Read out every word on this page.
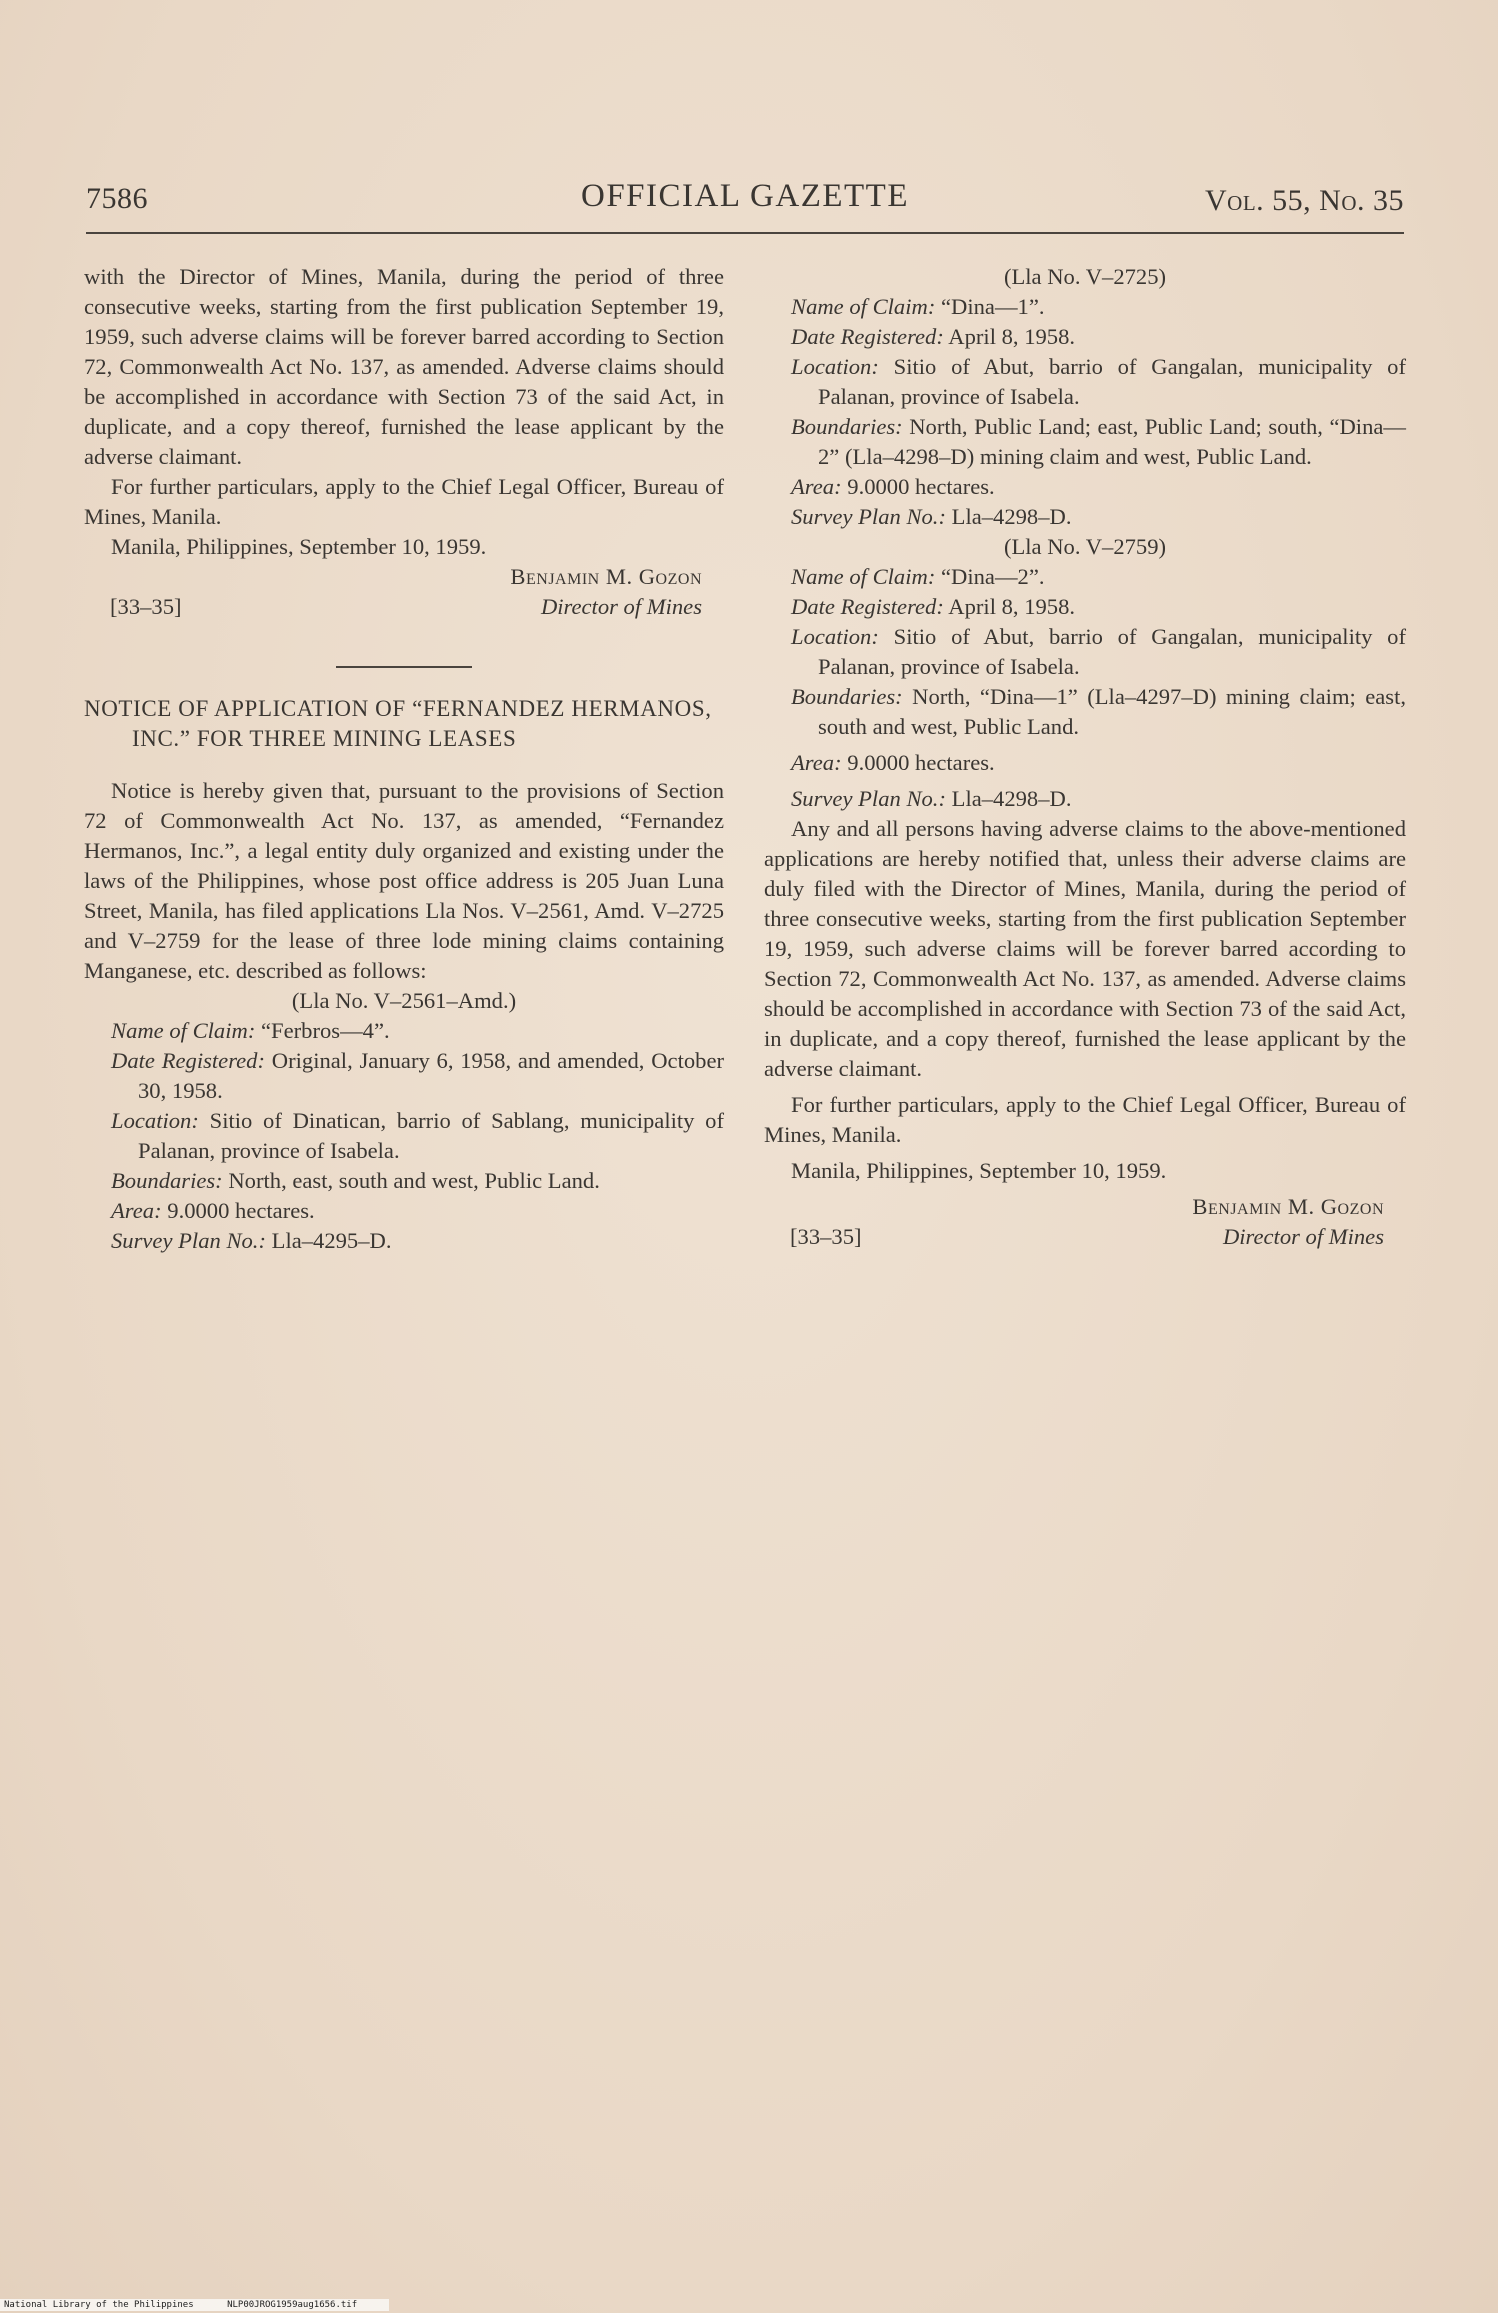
7586	OFFICIAL GAZETTE	Vol. 55, No. 35

with the Director of Mines, Manila, during the period of three consecutive weeks, starting from the first publication September 19, 1959, such adverse claims will be forever barred according to Section 72, Commonwealth Act No. 137, as amended. Adverse claims should be accomplished in accordance with Section 73 of the said Act, in duplicate, and a copy thereof, furnished the lease applicant by the adverse claimant.

For further particulars, apply to the Chief Legal Officer, Bureau of Mines, Manila.

Manila, Philippines, September 10, 1959.

Benjamin M. Gozon
[33–35]	Director of Mines

NOTICE OF APPLICATION OF “FERNANDEZ HERMANOS, INC.” FOR THREE MINING LEASES

Notice is hereby given that, pursuant to the provisions of Section 72 of Commonwealth Act No. 137, as amended, “Fernandez Hermanos, Inc.”, a legal entity duly organized and existing under the laws of the Philippines, whose post office address is 205 Juan Luna Street, Manila, has filed applications Lla Nos. V–2561, Amd. V–2725 and V–2759 for the lease of three lode mining claims containing Manganese, etc. described as follows:

(Lla No. V–2561–Amd.)

Name of Claim: “Ferbros—4”.

Date Registered: Original, January 6, 1958, and amended, October 30, 1958.

Location: Sitio of Dinatican, barrio of Sablang, municipality of Palanan, province of Isabela.

Boundaries: North, east, south and west, Public Land.

Area: 9.0000 hectares.

Survey Plan No.: Lla–4295–D.

(Lla No. V–2725)

Name of Claim: “Dina—1”.

Date Registered: April 8, 1958.

Location: Sitio of Abut, barrio of Gangalan, municipality of Palanan, province of Isabela.

Boundaries: North, Public Land; east, Public Land; south, “Dina—2” (Lla–4298–D) mining claim and west, Public Land.

Area: 9.0000 hectares.

Survey Plan No.: Lla–4298–D.

(Lla No. V–2759)

Name of Claim: “Dina—2”.

Date Registered: April 8, 1958.

Location: Sitio of Abut, barrio of Gangalan, municipality of Palanan, province of Isabela.

Boundaries: North, “Dina—1” (Lla–4297–D) mining claim; east, south and west, Public Land.

Area: 9.0000 hectares.

Survey Plan No.: Lla–4298–D.

Any and all persons having adverse claims to the above-mentioned applications are hereby notified that, unless their adverse claims are duly filed with the Director of Mines, Manila, during the period of three consecutive weeks, starting from the first publication September 19, 1959, such adverse claims will be forever barred according to Section 72, Commonwealth Act No. 137, as amended. Adverse claims should be accomplished in accordance with Section 73 of the said Act, in duplicate, and a copy thereof, furnished the lease applicant by the adverse claimant.

For further particulars, apply to the Chief Legal Officer, Bureau of Mines, Manila.

Manila, Philippines, September 10, 1959.

Benjamin M. Gozon
[33–35]	Director of Mines
National Library of the Philippines	NLP00JROG1959aug1656.tif
